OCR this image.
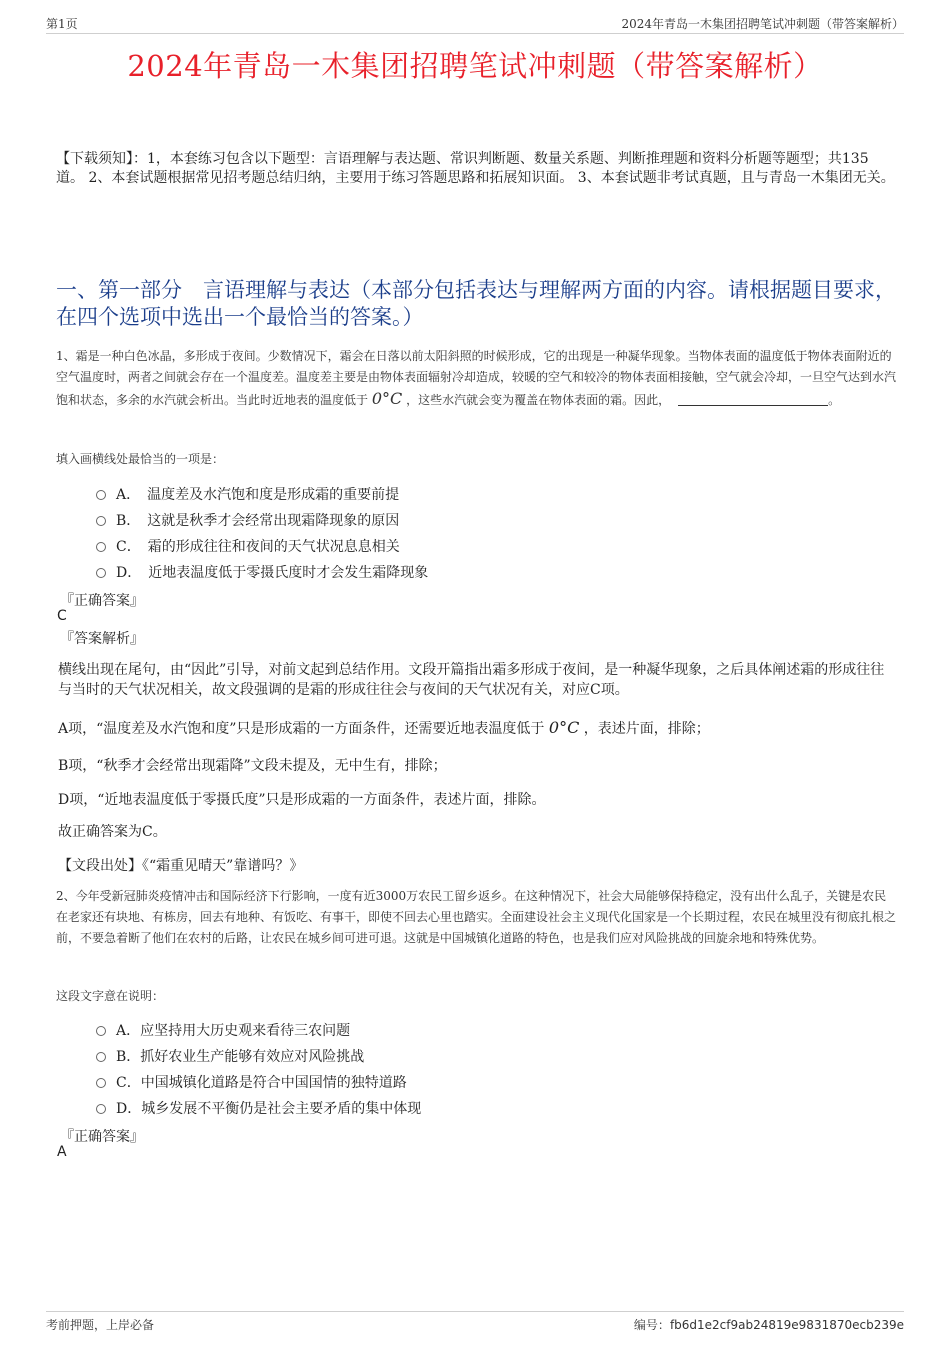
第1页	2024年青岛一木集团招聘笔试冲刺题（带答案解析）
2024年青岛一木集团招聘笔试冲刺题（带答案解析）
【下载须知】：1，本套练习包含以下题型：言语理解与表达题、常识判断题、数量关系题、判断推理题和资料分析题等题型；共135道。 2、本套试题根据常见招考题总结归纳，主要用于练习答题思路和拓展知识面。 3、本套试题非考试真题，且与青岛一木集团无关。
一、第一部分　言语理解与表达（本部分包括表达与理解两方面的内容。请根据题目要求，在四个选项中选出一个最恰当的答案。）
1、霜是一种白色冰晶，多形成于夜间。少数情况下，霜会在日落以前太阳斜照的时候形成，它的出现是一种凝华现象。当物体表面的温度低于物体表面附近的空气温度时，两者之间就会存在一个温度差。温度差主要是由物体表面辐射冷却造成，较暖的空气和较冷的物体表面相接触，空气就会冷却，一旦空气达到水汽饱和状态，多余的水汽就会析出。当此时近地表的温度低于 0°C ，这些水汽就会变为覆盖在物体表面的霜。因此，	。
填入画横线处最恰当的一项是：
A．　温度差及水汽饱和度是形成霜的重要前提
B．　这就是秋季才会经常出现霜降现象的原因
C．　霜的形成往往和夜间的天气状况息息相关
D．　近地表温度低于零摄氏度时才会发生霜降现象
『正确答案』
C
『答案解析』
横线出现在尾句，由“因此”引导，对前文起到总结作用。文段开篇指出霜多形成于夜间，是一种凝华现象，之后具体阐述霜的形成往往与当时的天气状况相关，故文段强调的是霜的形成往往会与夜间的天气状况有关，对应C项。
A项，“温度差及水汽饱和度”只是形成霜的一方面条件，还需要近地表温度低于 0°C ，表述片面，排除；
B项，“秋季才会经常出现霜降”文段未提及，无中生有，排除；
D项，“近地表温度低于零摄氏度”只是形成霜的一方面条件，表述片面，排除。
故正确答案为C。
【文段出处】《“霜重见晴天”靠谱吗？》
2、今年受新冠肺炎疫情冲击和国际经济下行影响，一度有近3000万农民工留乡返乡。在这种情况下，社会大局能够保持稳定，没有出什么乱子，关键是农民在老家还有块地、有栋房，回去有地种、有饭吃、有事干，即使不回去心里也踏实。全面建设社会主义现代化国家是一个长期过程，农民在城里没有彻底扎根之前，不要急着断了他们在农村的后路，让农民在城乡间可进可退。这就是中国城镇化道路的特色，也是我们应对风险挑战的回旋余地和特殊优势。
这段文字意在说明：
A．应坚持用大历史观来看待三农问题
B．抓好农业生产能够有效应对风险挑战
C．中国城镇化道路是符合中国国情的独特道路
D．城乡发展不平衡仍是社会主要矛盾的集中体现
『正确答案』
A
考前押题，上岸必备	编号：fb6d1e2cf9ab24819e9831870ecb239e
